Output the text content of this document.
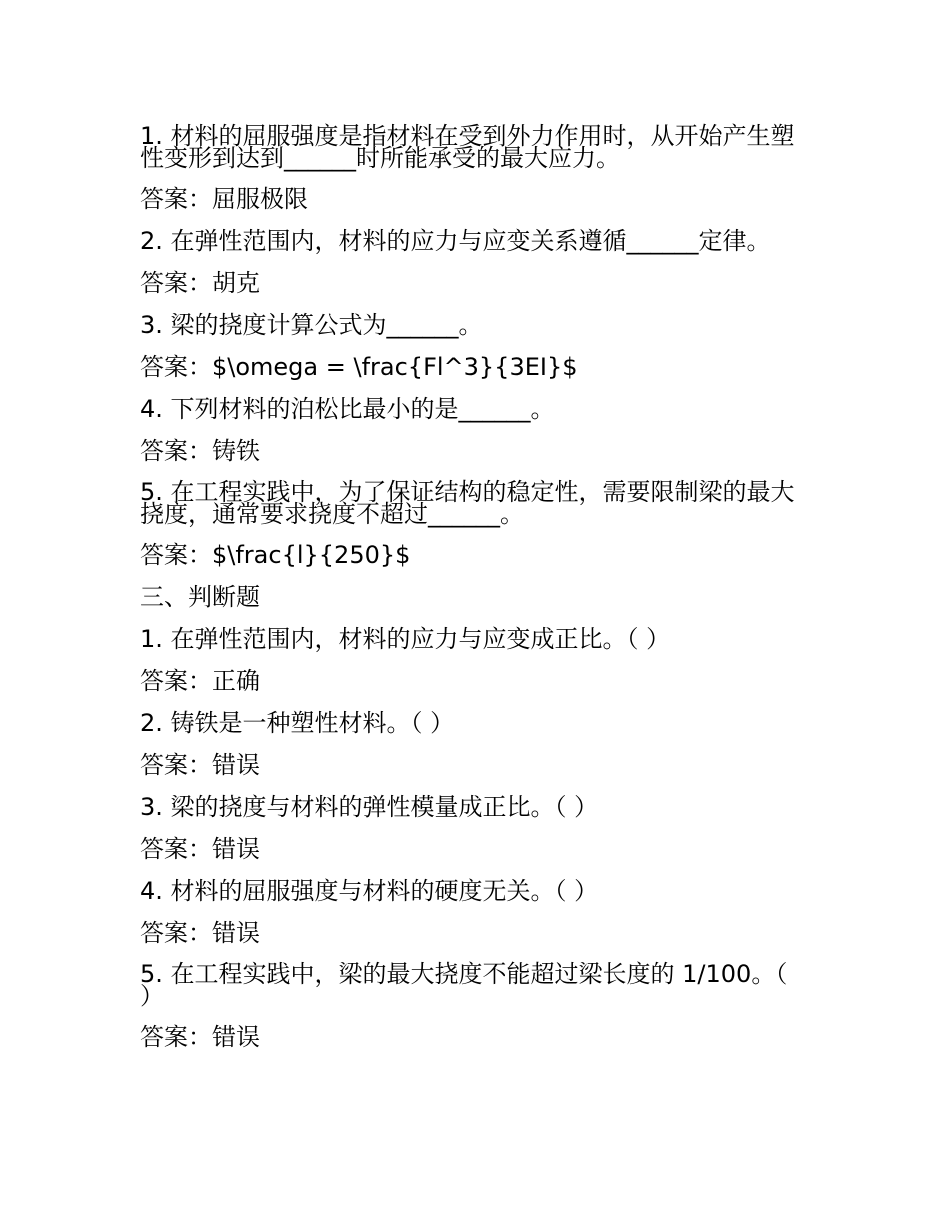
1. 材料的屈服强度是指材料在受到外力作用时，从开始产生塑性变形到达到______时所能承受的最大应力。
答案：屈服极限
2. 在弹性范围内，材料的应力与应变关系遵循______定律。
答案：胡克
3. 梁的挠度计算公式为______。
答案：$\omega = \frac{Fl^3}{3EI}$
4. 下列材料的泊松比最小的是______。
答案：铸铁
5. 在工程实践中，为了保证结构的稳定性，需要限制梁的最大挠度，通常要求挠度不超过______。
答案：$\frac{l}{250}$
三、判断题
1. 在弹性范围内，材料的应力与应变成正比。（ ）
答案：正确
2. 铸铁是一种塑性材料。（ ）
答案：错误
3. 梁的挠度与材料的弹性模量成正比。（ ）
答案：错误
4. 材料的屈服强度与材料的硬度无关。（ ）
答案：错误
5. 在工程实践中，梁的最大挠度不能超过梁长度的 1/100。（ ）
答案：错误
